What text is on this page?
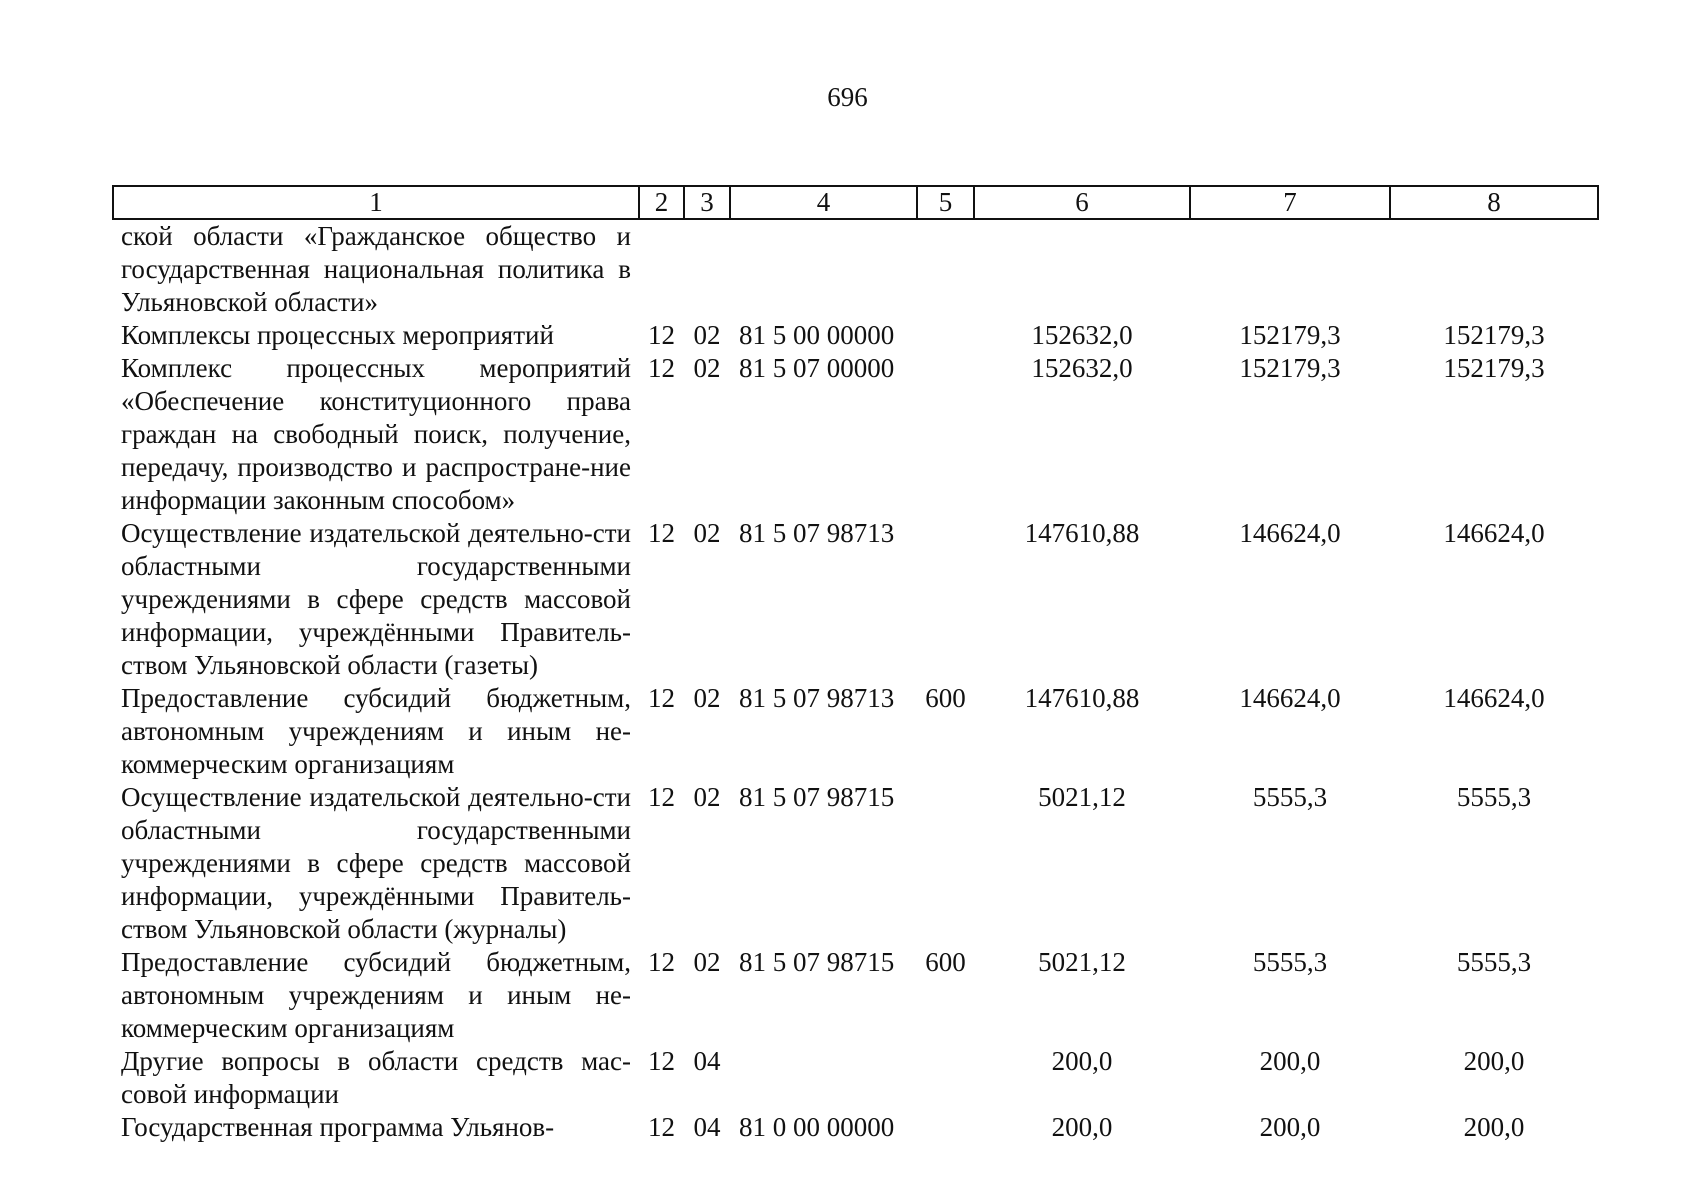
696
1	2	3	4	5	6	7	8
ской области «Гражданское общество и государственная национальная политика в Ульяновской области»							
Комплексы процессных мероприятий	12	02	81 5 00 00000		152632,0	152179,3	152179,3
Комплекс процессных мероприятий «Обеспечение конституционного права граждан на свободный поиск, получение, передачу, производство и распростране-ние информации законным способом»	12	02	81 5 07 00000		152632,0	152179,3	152179,3
Осуществление издательской деятельно-сти областными государственными учреждениями в сфере средств массовой информации, учреждёнными Правитель-ством Ульяновской области (газеты)	12	02	81 5 07 98713		147610,88	146624,0	146624,0
Предоставление субсидий бюджетным, автономным учреждениям и иным не-коммерческим организациям	12	02	81 5 07 98713	600	147610,88	146624,0	146624,0
Осуществление издательской деятельно-сти областными государственными учреждениями в сфере средств массовой информации, учреждёнными Правитель-ством Ульяновской области (журналы)	12	02	81 5 07 98715		5021,12	5555,3	5555,3
Предоставление субсидий бюджетным, автономным учреждениям и иным не-коммерческим организациям	12	02	81 5 07 98715	600	5021,12	5555,3	5555,3
Другие вопросы в области средств мас-совой информации	12	04			200,0	200,0	200,0
Государственная программа Ульянов-	12	04	81 0 00 00000		200,0	200,0	200,0
